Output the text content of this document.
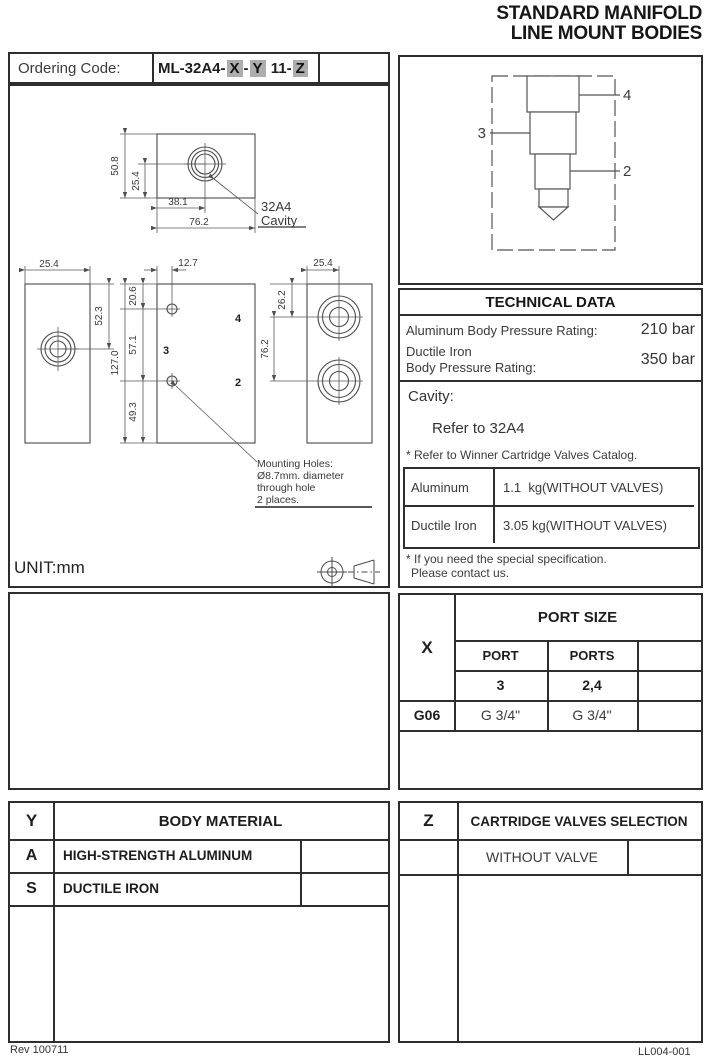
STANDARD MANIFOLD
LINE MOUNT BODIES
Ordering Code: ML-32A4- X - Y 11- Z
50.8
25.4
38.1
76.2
25.4
52.3
12.7
20.6
57.1
49.3
127.0
25.4
26.2
76.2
4
3
2
32A4
Cavity
Mounting Holes:
Ø8.7mm. diameter
through hole
2 places.
UNIT:mm
4
3
2
TECHNICAL DATA
Aluminum Body Pressure Rating:	210 bar
Ductile Iron
Body Pressure Rating:	350 bar
Cavity:
Refer to 32A4
* Refer to Winner Cartridge Valves Catalog.
Aluminum	1.1
kg(WITHOUT VALVES)
Ductile Iron	3.05
kg(WITHOUT VALVES)
* If you need the special specification.
Please contact us.
X
PORT SIZE
PORT	PORTS
3	2,4
G06	G 3/4"	G 3/4"
Y	BODY MATERIAL
A	HIGH-STRENGTH ALUMINUM
S	DUCTILE IRON
Z	CARTRIDGE VALVES SELECTION
WITHOUT VALVE
Rev 100711	LL004-001
